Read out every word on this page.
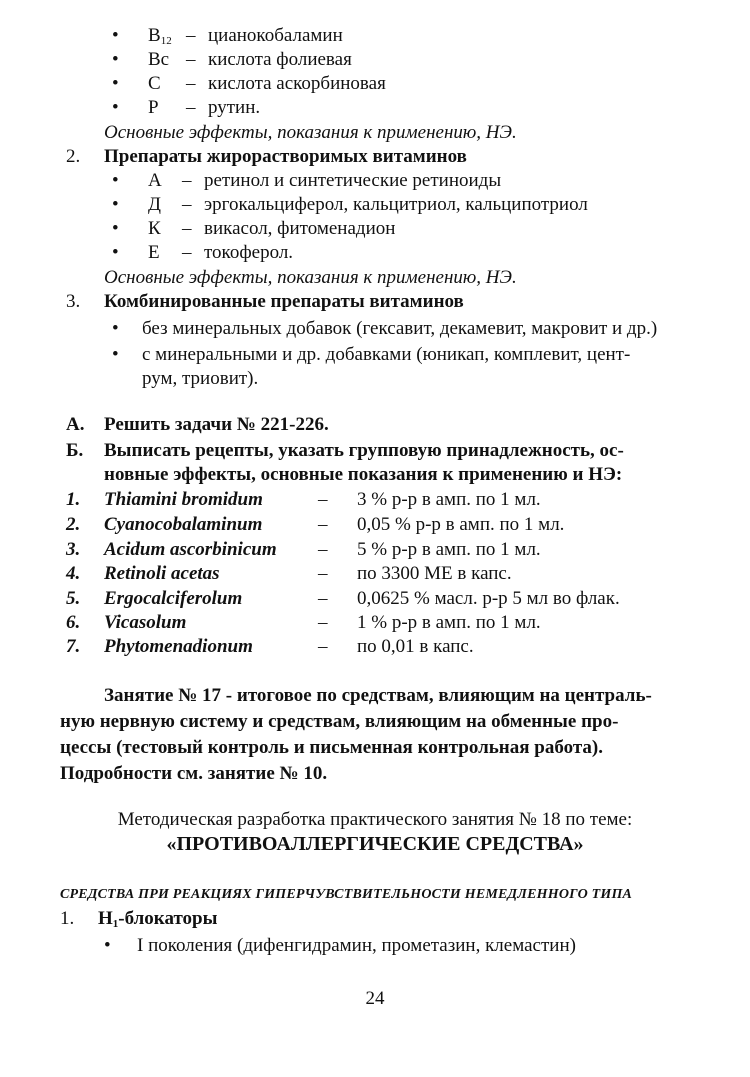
• $B_{12}$ – цианокобаламин
• Bc – кислота фолиевая
• C – кислота аскорбиновая
• P – рутин.
Основные эффекты, показания к применению, НЭ.
2. Препараты жирорастворимых витаминов
• A – ретинол и синтетические ретиноиды
• Д – эргокальциферол, кальцитриол, кальципотриол
• К – викасол, фитоменадион
• E – токоферол.
Основные эффекты, показания к применению, НЭ.
3. Комбинированные препараты витаминов
• без минеральных добавок (гексавит, декамевит, макровит и др.)
• с минеральными и др. добавками (юникап, комплевит, цент-
рум, триовит).
А. Решить задачи № 221-226.
Б. Выписать рецепты, указать групповую принадлежность, ос-
новные эффекты, основные показания к применению и НЭ:
1. Thiamini bromidum	– 3 % р-р в амп. по 1 мл.
2. Cyanocobalaminum	– 0,05 % р-р в амп. по 1 мл.
3. Acidum ascorbinicum – 5 % р-р в амп. по 1 мл.
4. Retinoli acetas	– по 3300 МЕ в капс.
5. Ergocalciferolum	– 0,0625 % масл. р-р 5 мл во флак.
6. Vicasolum	– 1 % р-р в амп. по 1 мл.
7. Phytomenadionum	– по 0,01 в капс.
Занятие № 17 - итоговое по средствам, влияющим на централь-
ную нервную систему и средствам, влияющим на обменные про-
цессы (тестовый контроль и письменная контрольная работа).
Подробности см. занятие № 10.
Методическая разработка практического занятия № 18 по теме:
«ПРОТИВОАЛЛЕРГИЧЕСКИЕ СРЕДСТВА»
СРЕДСТВА ПРИ РЕАКЦИЯХ ГИПЕРЧУВСТВИТЕЛЬНОСТИ НЕМЕДЛЕННОГО ТИПА
1. $H_1$-блокаторы
• I поколения (дифенгидрамин, прометазин, клемастин)
24
